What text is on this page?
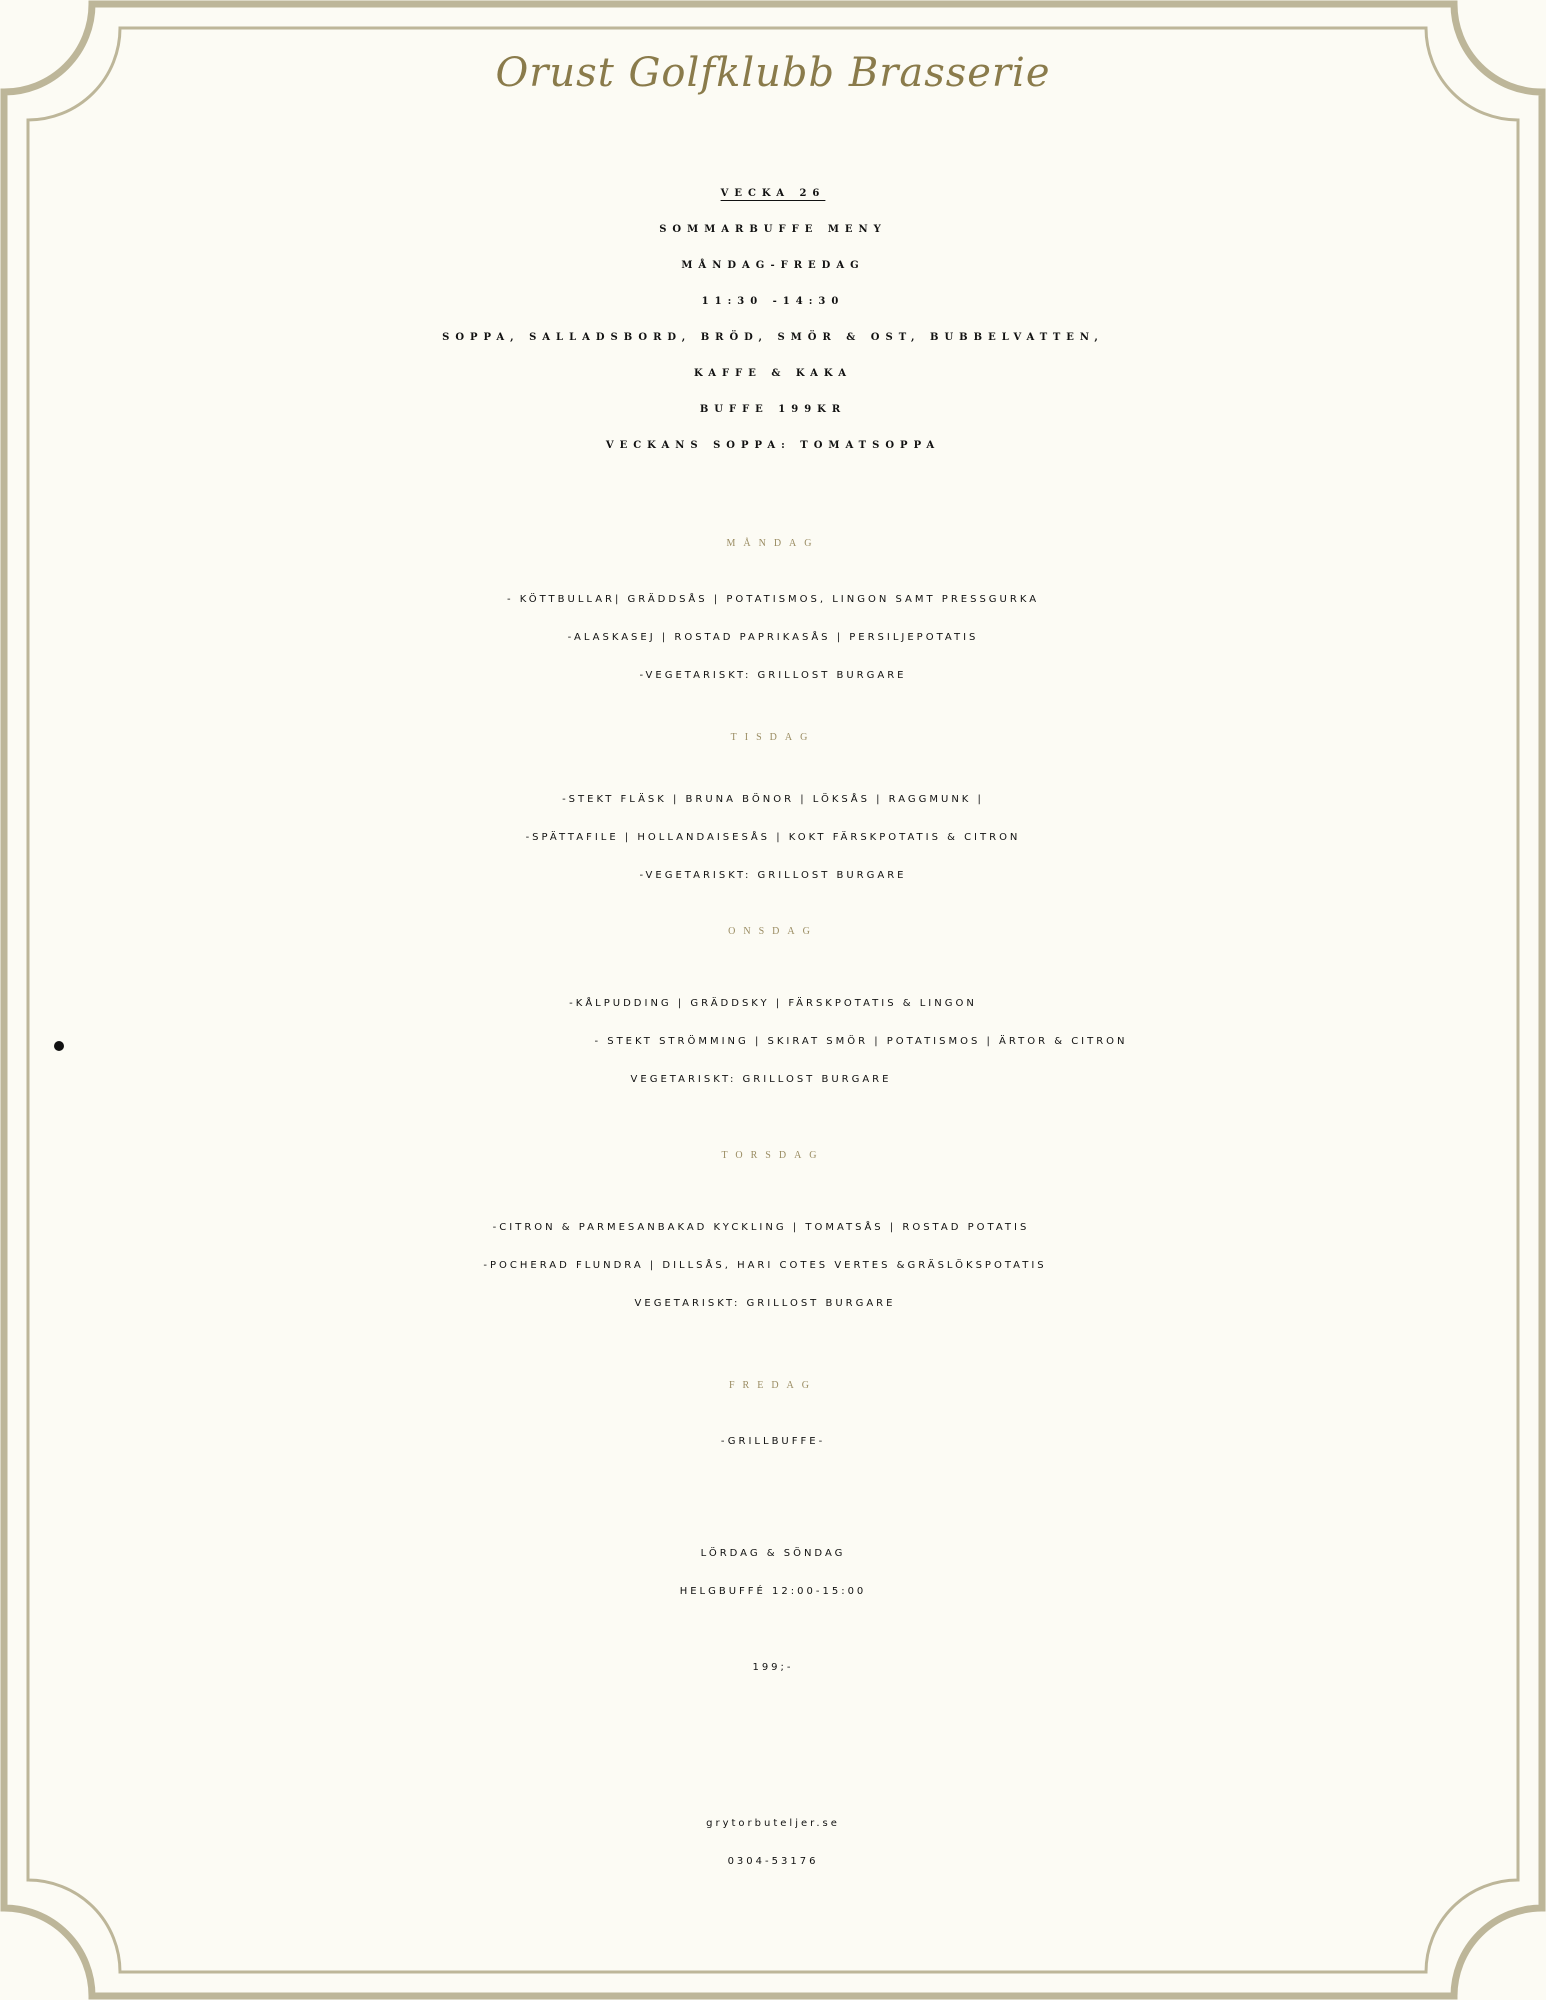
Orust Golfklubb Brasserie
VECKA 26
SOMMARBUFFE MENY
MÅNDAG-FREDAG
11:30 -14:30
SOPPA, SALLADSBORD, BRÖD, SMÖR & OST, BUBBELVATTEN,
KAFFE & KAKA
BUFFE 199KR
VECKANS SOPPA: TOMATSOPPA
MÅNDAG
- KÖTTBULLAR| GRÄDDSÅS | POTATISMOS, LINGON SAMT PRESSGURKA
-ALASKASEJ | ROSTAD PAPRIKASÅS | PERSILJEPOTATIS
-VEGETARISKT: GRILLOST BURGARE
TISDAG
-STEKT FLÄSK | BRUNA BÖNOR | LÖKSÅS | RAGGMUNK |
-SPÄTTAFILE | HOLLANDAISESÅS | KOKT FÄRSKPOTATIS & CITRON
-VEGETARISKT: GRILLOST BURGARE
ONSDAG
-KÅLPUDDING | GRÄDDSKY | FÄRSKPOTATIS & LINGON
- STEKT STRÖMMING | SKIRAT SMÖR | POTATISMOS | ÄRTOR & CITRON
VEGETARISKT: GRILLOST BURGARE
TORSDAG
-CITRON & PARMESANBAKAD KYCKLING | TOMATSÅS | ROSTAD POTATIS
-POCHERAD FLUNDRA | DILLSÅS, HARI COTES VERTES &GRÄSLÖKSPOTATIS
VEGETARISKT: GRILLOST BURGARE
FREDAG
-GRILLBUFFE-
LÖRDAG & SÖNDAG
HELGBUFFÉ 12:00-15:00
199;-
grytorbuteljer.se
0304-53176
